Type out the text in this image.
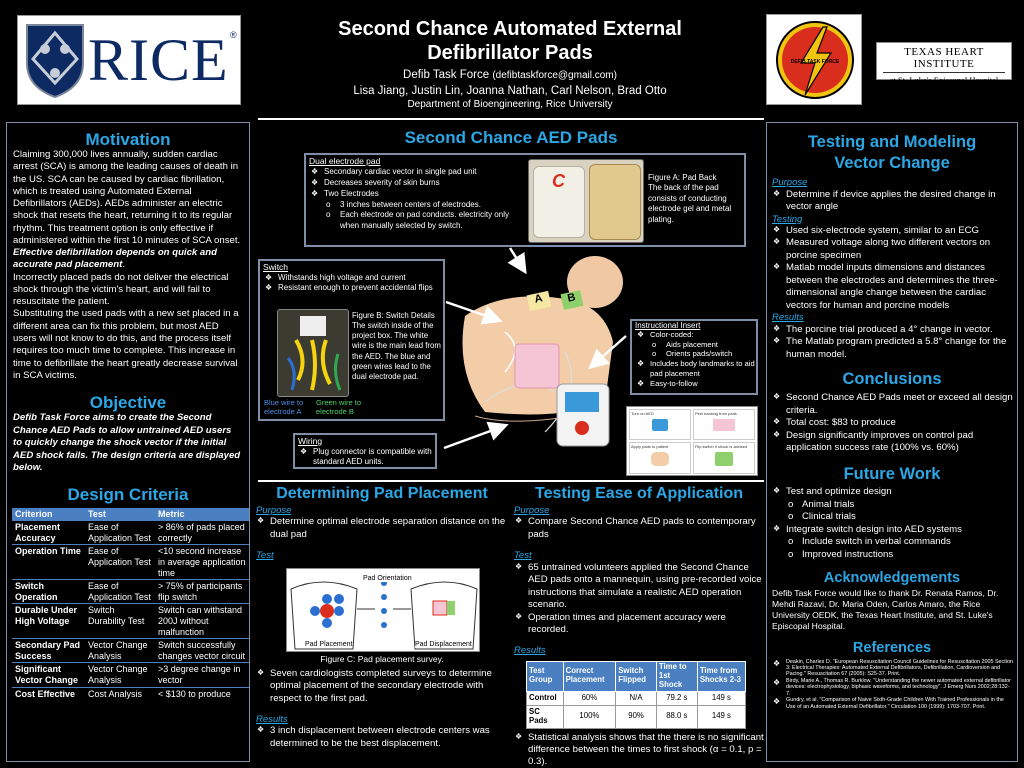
RICE ®	Second Chance Automated External
Defibrillator Pads
Defib Task Force (defibtaskforce@gmail.com)
Lisa Jiang, Justin Lin, Joanna Nathan, Carl Nelson, Brad Otto
Department of Bioengineering, Rice University
DEFIB TASK FORCE
TEXAS HEART INSTITUTE
at St. Luke's Episcopal Hospital
Motivation

Claiming 300,000 lives annually, sudden cardiac arrest (SCA) is among the leading causes of death in the US. SCA can be caused by cardiac fibrillation, which is treated using Automated External Defibrillators (AEDs). AEDs administer an electric shock that resets the heart, returning it to its regular rhythm. This treatment option is only effective if administered within the first 10 minutes of SCA onset.

Effective defibrillation depends on quick and accurate pad placement.

Incorrectly placed pads do not deliver the electrical shock through the victim's heart, and will fail to resuscitate the patient.

Substituting the used pads with a new set placed in a different area can fix this problem, but most AED users will not know to do this, and the process itself requires too much time to complete. This increase in time to defibrillate the heart greatly decrease survival in SCA victims.

Objective
Defib Task Force aims to create the Second Chance AED Pads to allow untrained AED users to quickly change the shock vector if the initial AED shock fails. The design criteria are displayed below.
Design Criteria
Criterion	Test	Metric
Placement Accuracy	Ease of Application Test	> 86% of pads placed correctly
Operation Time	Ease of Application Test	<10 second increase in average application time
Switch Operation	Ease of Application Test	> 75% of participants flip switch
Durable Under High Voltage	Switch Durability Test	Switch can withstand 200J without malfunction
Secondary Pad Success	Vector Change Analysis	Switch successfully changes vector circuit
Significant Vector Change	Vector Change Analysis	>3 degree change in vector
Cost Effective	Cost Analysis	< $130 to produce
Second Chance AED Pads
Dual electrode pad
❖ Secondary cardiac vector in single pad unit
❖ Decreases severity of skin burns
❖ Two Electrodes
o 3 inches between centers of electrodes.
o Each electrode on pad conducts. electricity only when manually selected by switch.
C	Figure A: Pad Back
The back of the pad consists of conducting electrode gel and metal plating.
Switch
❖ Withstands high voltage and current
❖ Resistant enough to prevent accidental flips
Figure B: Switch Details
The switch inside of the project box. The white wire is the main lead from the AED. The blue and green wires lead to the dual electrode pad.
Blue wire to electrode A
Green wire to electrode B
Wiring
❖ Plug connector is compatible with standard AED units.
A	B
Instructional Insert
❖ Color-coded:
o Aids placement
o Orients pads/switch
❖ Includes body landmarks to aid pad placement
❖ Easy-to-follow
Turn on AED	Peel backing from pads
Apply pads to patient	Flip switch if shock is advised
Determining Pad Placement
Purpose
❖ Determine optimal electrode separation distance on the dual pad
Test
Pad Orientation
Pad Placement	Pad Displacement
Figure C: Pad placement survey.
❖ Seven cardiologists completed surveys to determine optimal placement of the secondary electrode with respect to the first pad.
Results
❖ 3 inch displacement between electrode centers was determined to be the best displacement.
Testing Ease of Application
Purpose
❖ Compare Second Chance AED pads to contemporary pads
Test
❖ 65 untrained volunteers applied the Second Chance AED pads onto a mannequin, using pre-recorded voice instructions that simulate a realistic AED operation scenario.
❖ Operation times and placement accuracy were recorded.
Results
Test Group	Correct Placement	Switch Flipped	Time to 1st Shock	Time from Shocks 2-3
Control	60%	N/A	79.2 s	149 s
SC Pads	100%	90%	88.0 s	149 s
❖ Statistical analysis shows that the there is no significant difference between the times to first shock (α = 0.1, p = 0.3).
Testing and Modeling Vector Change
Purpose
❖ Determine if device applies the desired change in vector angle
Testing
❖ Used six-electrode system, similar to an ECG
❖ Measured voltage along two different vectors on porcine specimen
❖ Matlab model inputs dimensions and distances between the electrodes and determines the three-dimensional angle change between the cardiac vectors for human and porcine models
Results
❖ The porcine trial produced a 4° change in vector.
❖ The Matlab program predicted a 5.8° change for the human model.
Conclusions
❖ Second Chance AED Pads meet or exceed all design criteria.
❖ Total cost: $83 to produce
❖ Design significantly improves on control pad application success rate (100% vs. 60%)
Future Work
❖ Test and optimize design
o Animal trials
o Clinical trials
❖ Integrate switch design into AED systems
o Include switch in verbal commands
o Improved instructions
Acknowledgements
Defib Task Force would like to thank Dr. Renata Ramos, Dr. Mehdi Razavi, Dr. Maria Oden, Carlos Amaro, the Rice University OEDK, the Texas Heart Institute, and St. Luke's Episcopal Hospital.
References
❖ Deakin, Charles D. "European Resuscitation Council Guidelines for Resuscitation 2005 Section 3: Electrical Therapies: Automated External Defibrillators, Defibrillation, Cardioversion and Pacing." Resuscitation 67 (2005): S25-37. Print.
❖ Birdy, Marie A., Thomas R. Burklow. "Understanding the newer automated external defibrillator devices: electrophysiology, biphasic waveforms, and technology". J Emerg Nurs 2002;28:132-7.
❖ Gundry, et al. "Comparison of Naive Sixth-Grade Children With Trained Professionals in the Use of an Automated External Defibrillator." Circulation 100 (1999): 1703-707. Print.
